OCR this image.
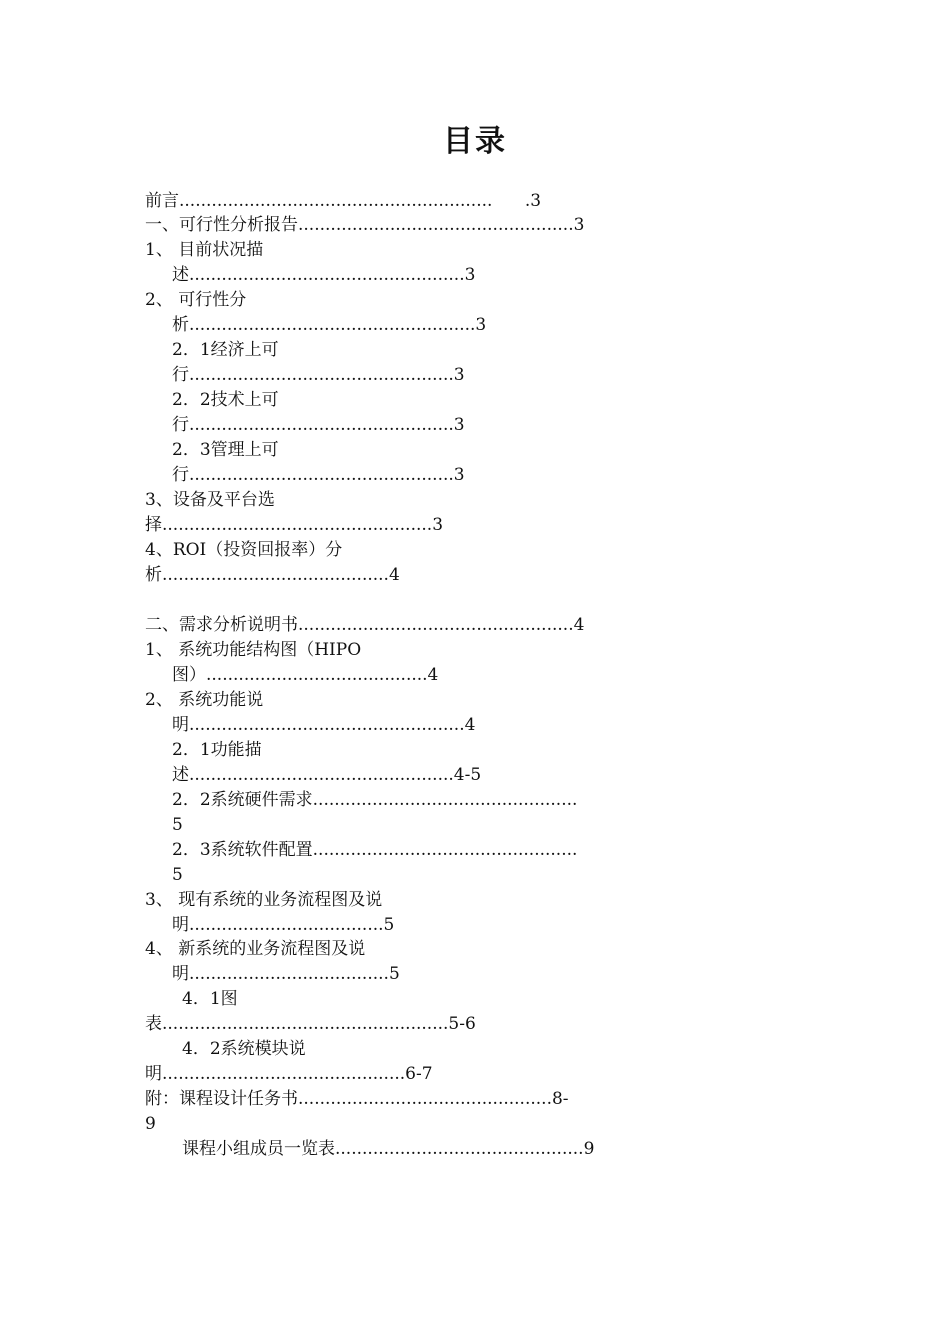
目录
前言..........................................................      .3
一、可行性分析报告...................................................3
1、 目前状况描
述...................................................3
2、 可行性分
析.....................................................3
2．1经济上可
行.................................................3
2．2技术上可
行.................................................3
2．3管理上可
行.................................................3
3、设备及平台选
择..................................................3
4、ROI（投资回报率）分
析..........................................4
二、需求分析说明书...................................................4
1、 系统功能结构图（HIPO
图）.........................................4
2、 系统功能说
明...................................................4
2．1功能描
述.................................................4-5
2．2系统硬件需求.................................................
5
2．3系统软件配置.................................................
5
3、 现有系统的业务流程图及说
明....................................5
4、 新系统的业务流程图及说
明.....................................5
4．1图
表.....................................................5-6
4．2系统模块说
明.............................................6-7
附：课程设计任务书...............................................8-
9
课程小组成员一览表..............................................9
